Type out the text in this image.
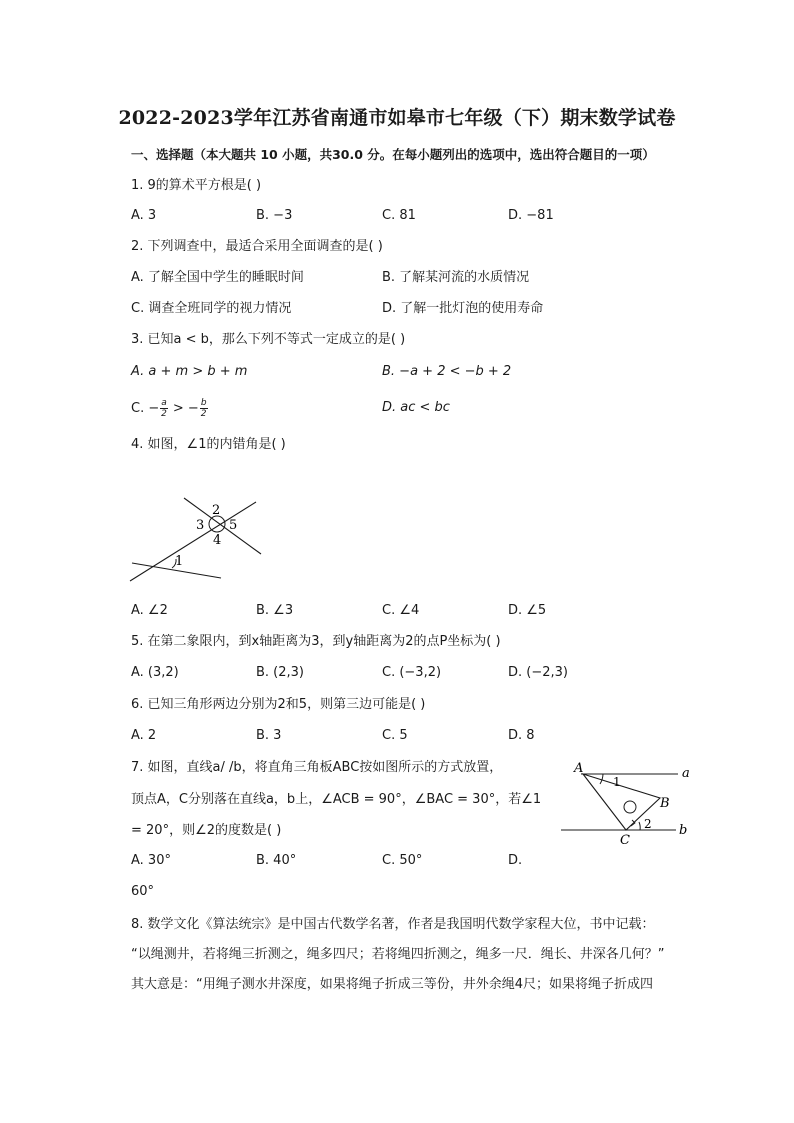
2022-2023学年江苏省南通市如皋市七年级（下）期末数学试卷
一、选择题（本大题共 10 小题，共30.0 分。在每小题列出的选项中，选出符合题目的一项）
1. 9的算术平方根是( )
A. 3	B. −3	C. 81	D. −81
2. 下列调查中，最适合采用全面调查的是( )
A. 了解全国中学生的睡眠时间	B. 了解某河流的水质情况
C. 调查全班同学的视力情况	D. 了解一批灯泡的使用寿命
3. 已知a < b，那么下列不等式一定成立的是( )
A. a + m > b + m	B. −a + 2 < −b + 2
C. − $\frac{a}{2}$ > − $\frac{b}{2}$	D. ac < bc
4. 如图，∠1的内错角是( )
2
3 5
4
1
A. ∠2	B. ∠3	C. ∠4	D. ∠5
5. 在第二象限内，到x轴距离为3，到y轴距离为2的点P坐标为( )
A. (3,2)	B. (2,3)	C. (−3,2)	D. (−2,3)
6. 已知三角形两边分别为2和5，则第三边可能是( )
A. 2	B. 3	C. 5	D. 8
7. 如图，直线a/ /b，将直角三角板ABC按如图所示的方式放置，
顶点A，C分别落在直线a，b上，∠ACB = 90°，∠BAC = 30°，若∠1
= 20°，则∠2的度数是( )
A	a
1
B
2 b
C
A. 30°	B. 40°	C. 50°	D.
60°
8. 数学文化《算法统宗》是中国古代数学名著，作者是我国明代数学家程大位，书中记载：
“以绳测井，若将绳三折测之，绳多四尺；若将绳四折测之，绳多一尺．绳长、井深各几何？”
其大意是：“用绳子测水井深度，如果将绳子折成三等份，井外余绳4尺；如果将绳子折成四
